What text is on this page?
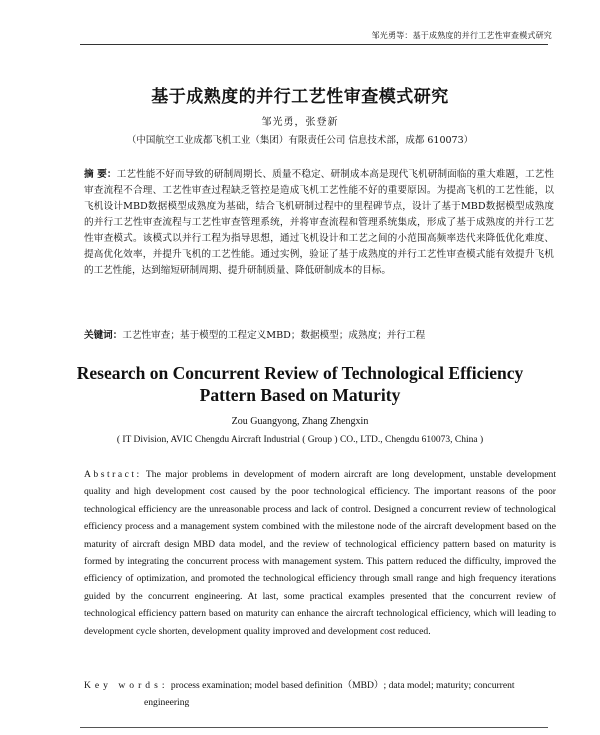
邹光勇等：基于成熟度的并行工艺性审查模式研究
基于成熟度的并行工艺性审查模式研究
邹光勇，张登新
（中国航空工业成都飞机工业（集团）有限责任公司 信息技术部，成都 610073）
摘 要：工艺性能不好而导致的研制周期长、质量不稳定、研制成本高是现代飞机研制面临的重大难题，工艺性审查流程不合理、工艺性审查过程缺乏管控是造成飞机工艺性能不好的重要原因。为提高飞机的工艺性能，以飞机设计MBD数据模型成熟度为基础，结合飞机研制过程中的里程碑节点，设计了基于MBD数据模型成熟度的并行工艺性审查流程与工艺性审查管理系统，并将审查流程和管理系统集成，形成了基于成熟度的并行工艺性审查模式。该模式以并行工程为指导思想，通过飞机设计和工艺之间的小范围高频率迭代来降低优化难度、提高优化效率，并提升飞机的工艺性能。通过实例，验证了基于成熟度的并行工艺性审查模式能有效提升飞机的工艺性能，达到缩短研制周期、提升研制质量、降低研制成本的目标。
关键词：工艺性审查；基于模型的工程定义MBD；数据模型；成熟度；并行工程
Research on Concurrent Review of Technological Efficiency Pattern Based on Maturity
Zou Guangyong, Zhang Zhengxin
( IT Division, AVIC Chengdu Aircraft Industrial ( Group ) CO., LTD., Chengdu 610073, China )
Abstract: The major problems in development of modern aircraft are long development, unstable development quality and high development cost caused by the poor technological efficiency. The important reasons of the poor technological efficiency are the unreasonable process and lack of control. Designed a concurrent review of technological efficiency process and a management system combined with the milestone node of the aircraft development based on the maturity of aircraft design MBD data model, and the review of technological efficiency pattern based on maturity is formed by integrating the concurrent process with management system. This pattern reduced the difficulty, improved the efficiency of optimization, and promoted the technological efficiency through small range and high frequency iterations guided by the concurrent engineering. At last, some practical examples presented that the concurrent review of technological efficiency pattern based on maturity can enhance the aircraft technological efficiency, which will leading to development cycle shorten, development quality improved and development cost reduced.
Key words: process examination; model based definition（MBD）; data model; maturity; concurrent
engineering
